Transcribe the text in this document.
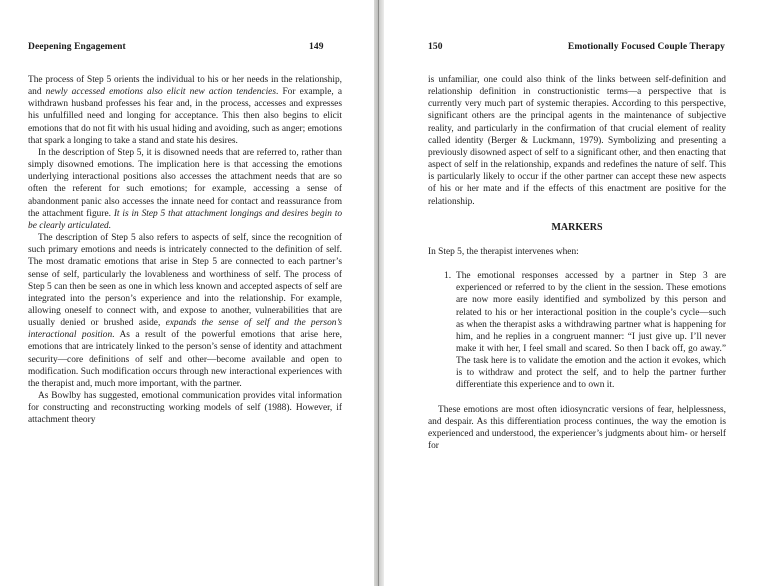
Deepening Engagement	149

The process of Step 5 orients the individual to his or her needs in the relationship, and newly accessed emotions also elicit new action tendencies. For example, a withdrawn husband professes his fear and, in the process, accesses and expresses his unfulfilled need and longing for acceptance. This then also begins to elicit emotions that do not fit with his usual hiding and avoiding, such as anger; emotions that spark a longing to take a stand and state his desires.

In the description of Step 5, it is disowned needs that are referred to, rather than simply disowned emotions. The implication here is that accessing the emotions underlying interactional positions also accesses the attachment needs that are so often the referent for such emotions; for example, accessing a sense of abandonment panic also accesses the innate need for contact and reassurance from the attachment figure. It is in Step 5 that attachment longings and desires begin to be clearly articulated.

The description of Step 5 also refers to aspects of self, since the recognition of such primary emotions and needs is intricately connected to the definition of self. The most dramatic emotions that arise in Step 5 are connected to each partner’s sense of self, particularly the lovableness and worthiness of self. The process of Step 5 can then be seen as one in which less known and accepted aspects of self are integrated into the person’s experience and into the relationship. For example, allowing oneself to connect with, and expose to another, vulnerabilities that are usually denied or brushed aside, expands the sense of self and the person’s interactional position. As a result of the powerful emotions that arise here, emotions that are intricately linked to the person’s sense of identity and attachment security—core definitions of self and other—become available and open to modification. Such modification occurs through new interactional experiences with the therapist and, much more important, with the partner.

As Bowlby has suggested, emotional communication provides vital information for constructing and reconstructing working models of self (1988). However, if attachment theory

150	Emotionally Focused Couple Therapy

is unfamiliar, one could also think of the links between self-definition and relationship definition in constructionistic terms—a perspective that is currently very much part of systemic therapies. According to this perspective, significant others are the principal agents in the maintenance of subjective reality, and particularly in the confirmation of that crucial element of reality called identity (Berger & Luckmann, 1979). Symbolizing and presenting a previously disowned aspect of self to a significant other, and then enacting that aspect of self in the relationship, expands and redefines the nature of self. This is particularly likely to occur if the other partner can accept these new aspects of his or her mate and if the effects of this enactment are positive for the relationship.

MARKERS

In Step 5, the therapist intervenes when:

1. The emotional responses accessed by a partner in Step 3 are experienced or referred to by the client in the session. These emotions are now more easily identified and symbolized by this person and related to his or her interactional position in the couple’s cycle—such as when the therapist asks a withdrawing partner what is happening for him, and he replies in a congruent manner: “I just give up. I’ll never make it with her, I feel small and scared. So then I back off, go away.” The task here is to validate the emotion and the action it evokes, which is to withdraw and protect the self, and to help the partner further differentiate this experience and to own it.

These emotions are most often idiosyncratic versions of fear, helplessness, and despair. As this differentiation process continues, the way the emotion is experienced and understood, the experiencer’s judgments about him- or herself for
